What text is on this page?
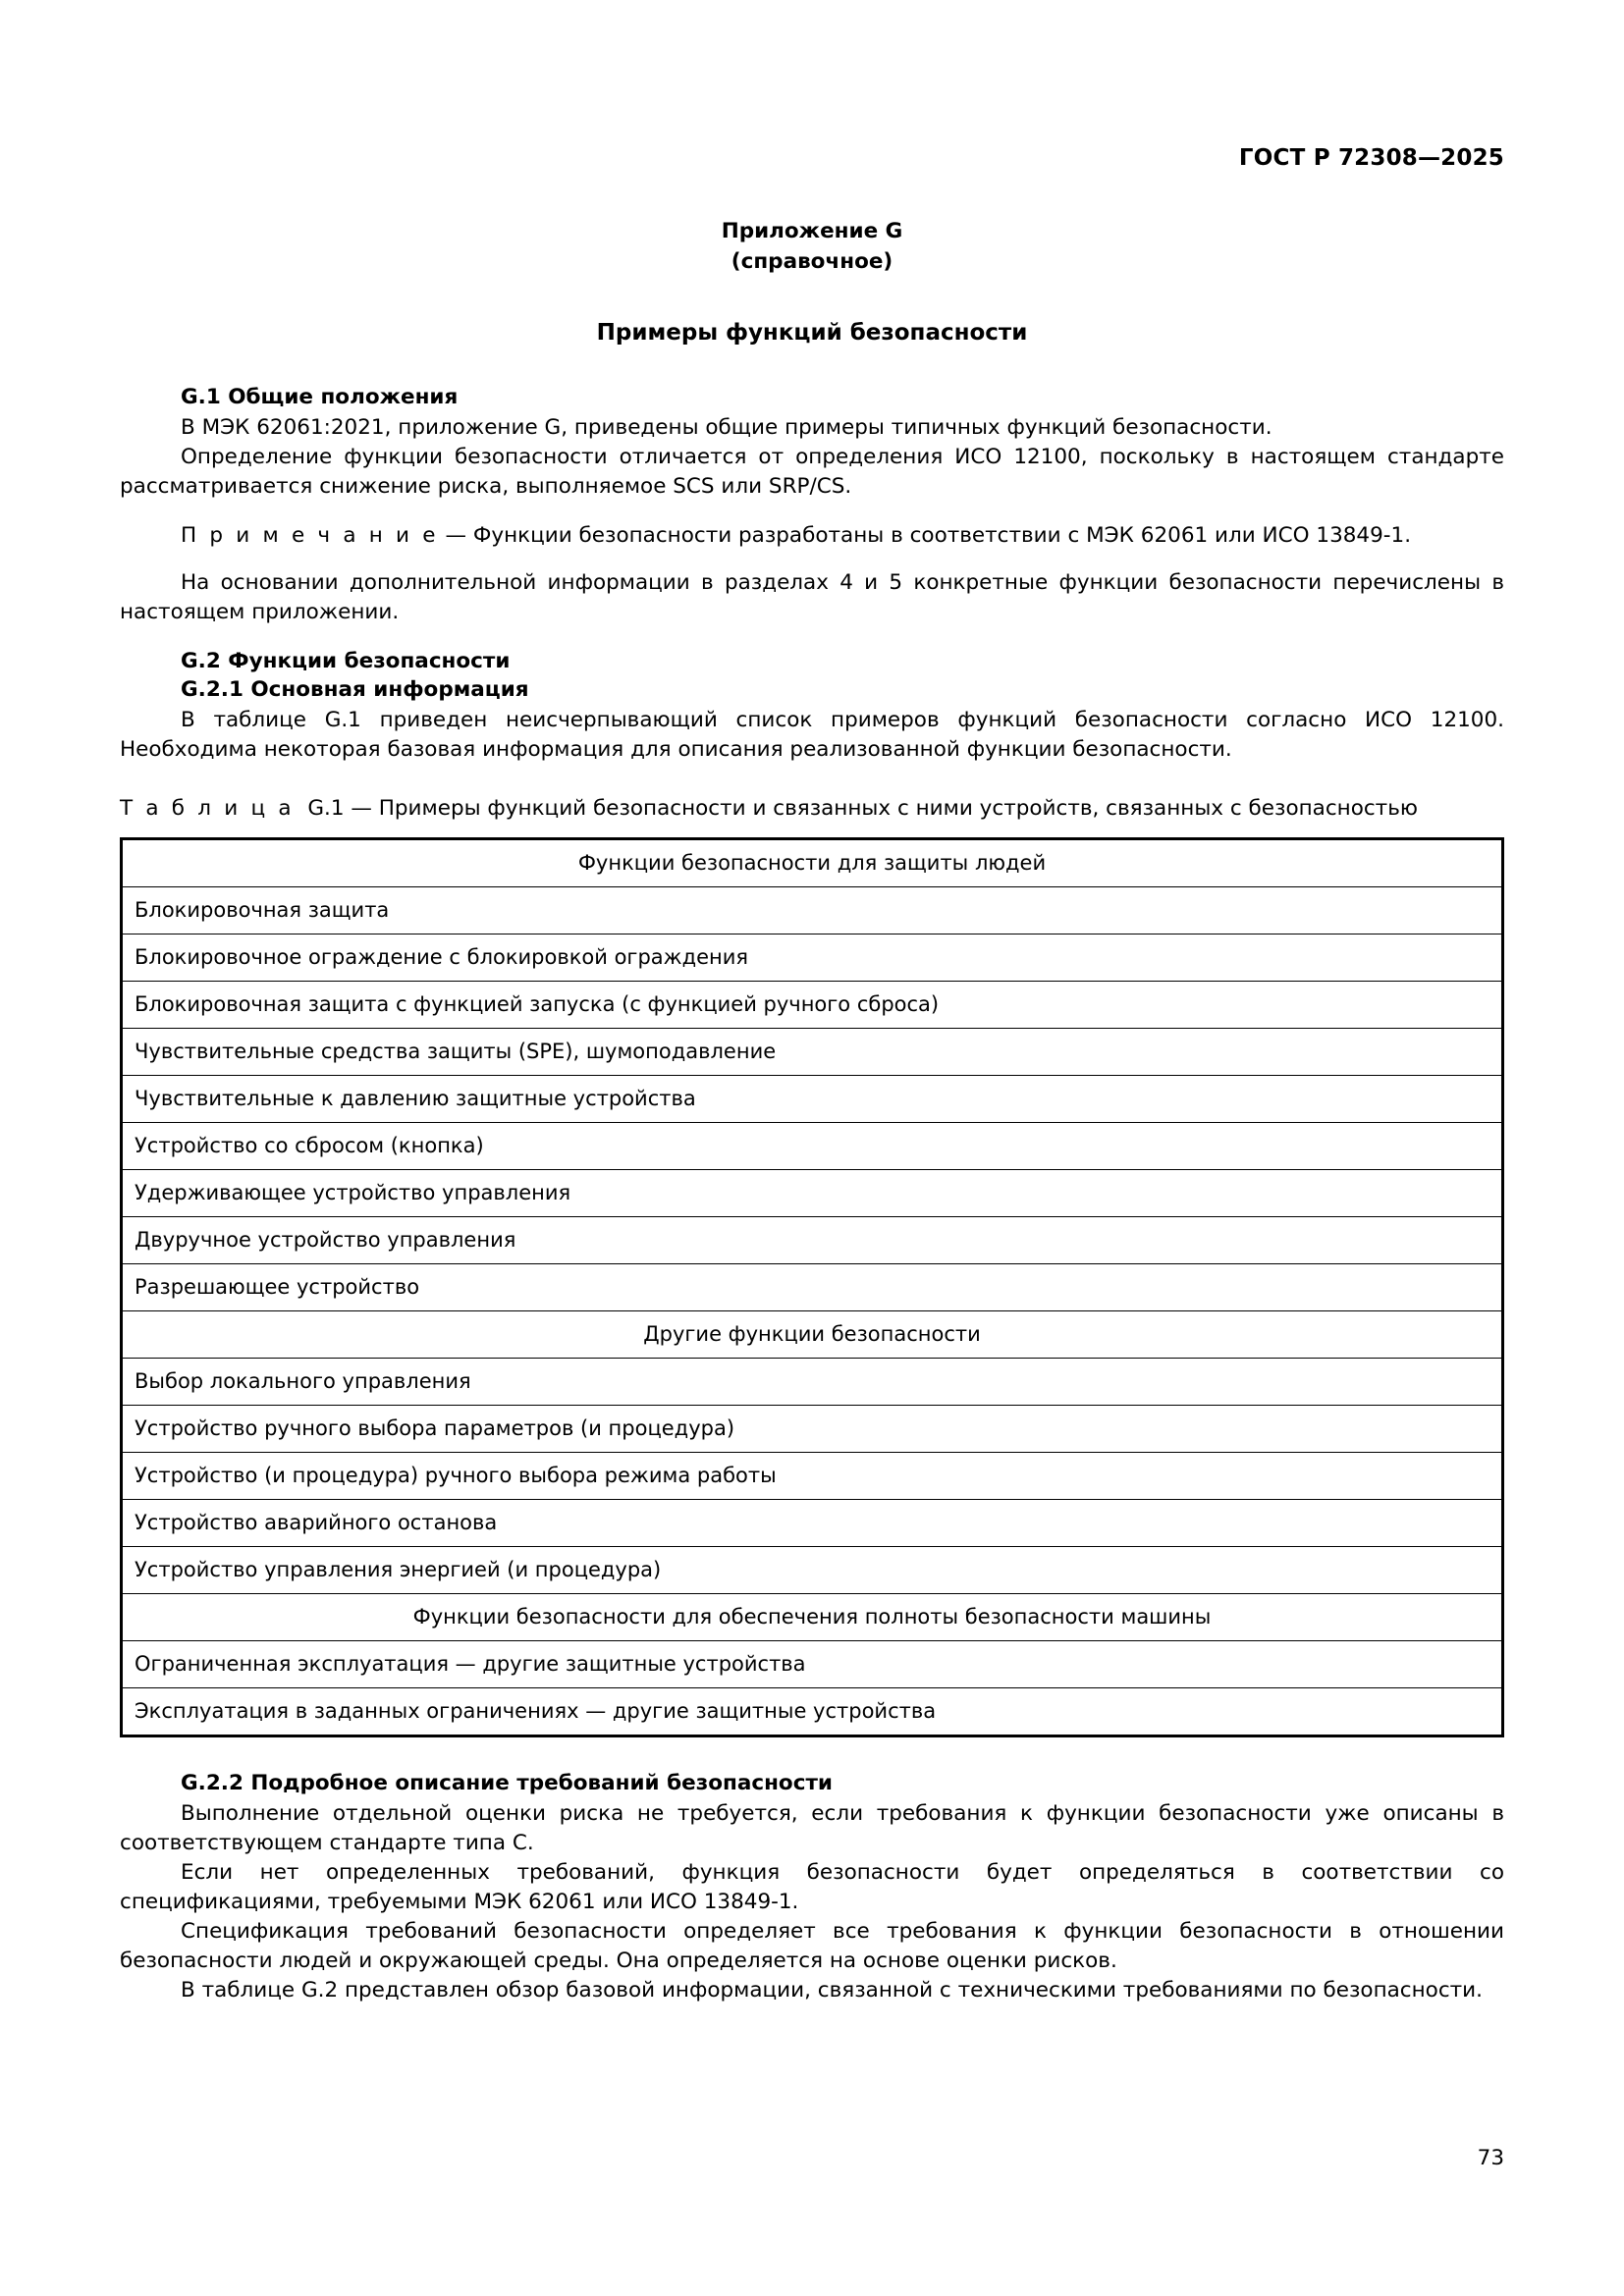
ГОСТ Р 72308—2025
Приложение G
(справочное)
Примеры функций безопасности
G.1 Общие положения

В МЭК 62061:2021, приложение G, приведены общие примеры типичных функций безопасности.

Определение функции безопасности отличается от определения ИСО 12100, поскольку в настоящем стандарте рассматривается снижение риска, выполняемое SCS или SRP/CS.

П р и м е ч а н и е — Функции безопасности разработаны в соответствии с МЭК 62061 или ИСО 13849-1.

На основании дополнительной информации в разделах 4 и 5 конкретные функции безопасности перечислены в настоящем приложении.

G.2 Функции безопасности
G.2.1 Основная информация

В таблице G.1 приведен неисчерпывающий список примеров функций безопасности согласно ИСО 12100. Необходима некоторая базовая информация для описания реализованной функции безопасности.

Т а б л и ц а G.1 — Примеры функций безопасности и связанных с ними устройств, связанных с безопасностью
Функции безопасности для защиты людей
Блокировочная защита
Блокировочное ограждение с блокировкой ограждения
Блокировочная защита с функцией запуска (с функцией ручного сброса)
Чувствительные средства защиты (SPE), шумоподавление
Чувствительные к давлению защитные устройства
Устройство со сбросом (кнопка)
Удерживающее устройство управления
Двуручное устройство управления
Разрешающее устройство
Другие функции безопасности
Выбор локального управления
Устройство ручного выбора параметров (и процедура)
Устройство (и процедура) ручного выбора режима работы
Устройство аварийного останова
Устройство управления энергией (и процедура)
Функции безопасности для обеспечения полноты безопасности машины
Ограниченная эксплуатация — другие защитные устройства
Эксплуатация в заданных ограничениях — другие защитные устройства
G.2.2 Подробное описание требований безопасности

Выполнение отдельной оценки риска не требуется, если требования к функции безопасности уже описаны в соответствующем стандарте типа С.

Если нет определенных требований, функция безопасности будет определяться в соответствии со спецификациями, требуемыми МЭК 62061 или ИСО 13849-1.

Спецификация требований безопасности определяет все требования к функции безопасности в отношении безопасности людей и окружающей среды. Она определяется на основе оценки рисков.

В таблице G.2 представлен обзор базовой информации, связанной с техническими требованиями по безопасности.

73
